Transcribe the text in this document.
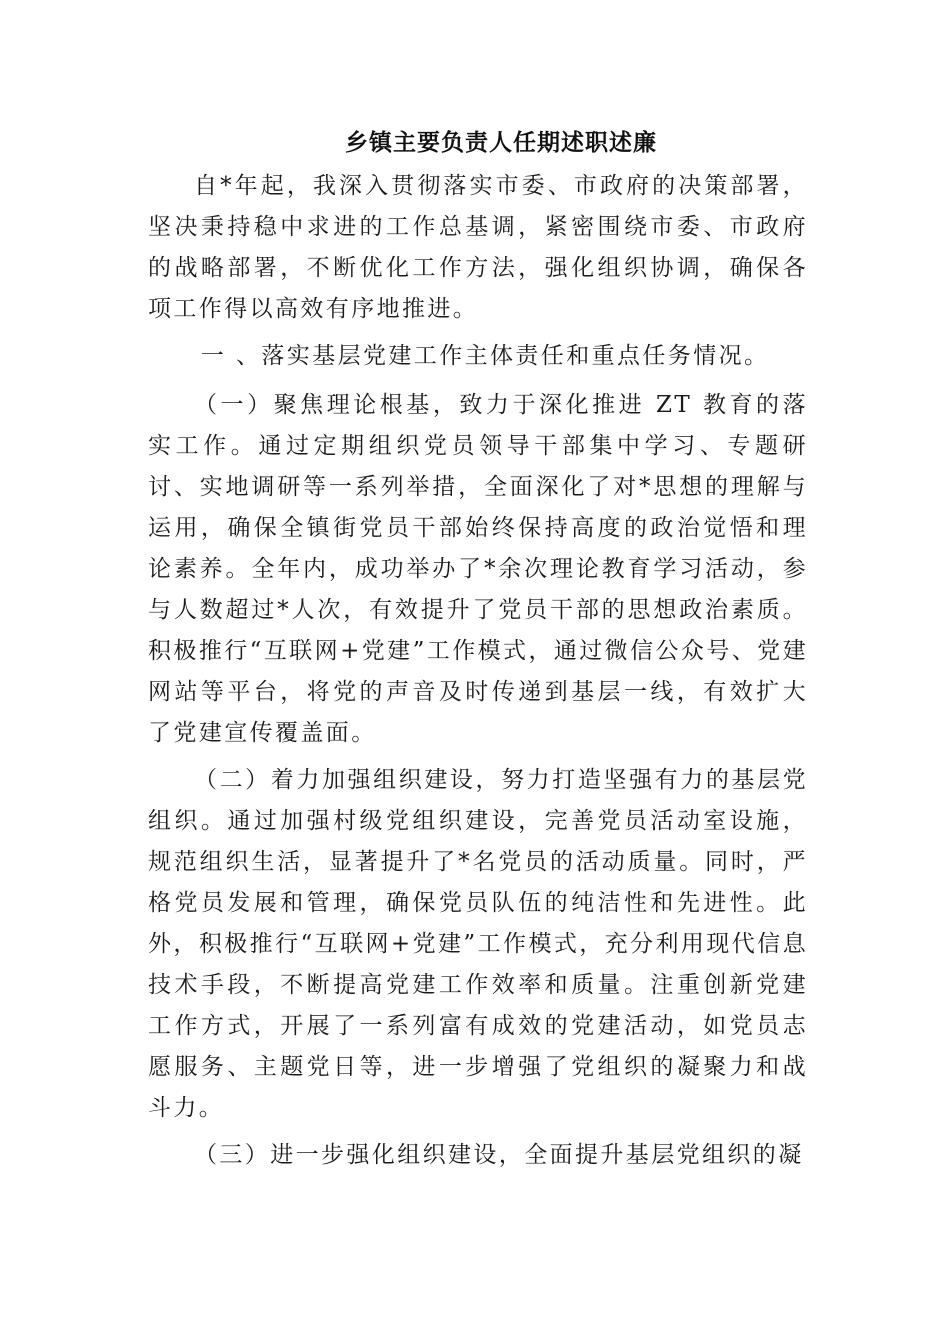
乡镇主要负责人任期述职述廉

自*年起，我深入贯彻落实市委、市政府的决策部署，坚决秉持稳中求进的工作总基调，紧密围绕市委、市政府的战略部署，不断优化工作方法，强化组织协调，确保各项工作得以高效有序地推进。

一 、落实基层党建工作主体责任和重点任务情况。

（一）聚焦理论根基，致力于深化推进 ZT 教育的落实工作。通过定期组织党员领导干部集中学习、专题研讨、实地调研等一系列举措，全面深化了对*思想的理解与运用，确保全镇街党员干部始终保持高度的政治觉悟和理论素养。全年内，成功举办了*余次理论教育学习活动，参与人数超过*人次，有效提升了党员干部的思想政治素质。积极推行“互联网+党建”工作模式，通过微信公众号、党建网站等平台，将党的声音及时传递到基层一线，有效扩大了党建宣传覆盖面。

（二）着力加强组织建设，努力打造坚强有力的基层党组织。通过加强村级党组织建设，完善党员活动室设施，规范组织生活，显著提升了*名党员的活动质量。同时，严格党员发展和管理，确保党员队伍的纯洁性和先进性。此外，积极推行“互联网+党建”工作模式，充分利用现代信息技术手段，不断提高党建工作效率和质量。注重创新党建工作方式，开展了一系列富有成效的党建活动，如党员志愿服务、主题党日等，进一步增强了党组织的凝聚力和战斗力。

（三）进一步强化组织建设，全面提升基层党组织的凝
